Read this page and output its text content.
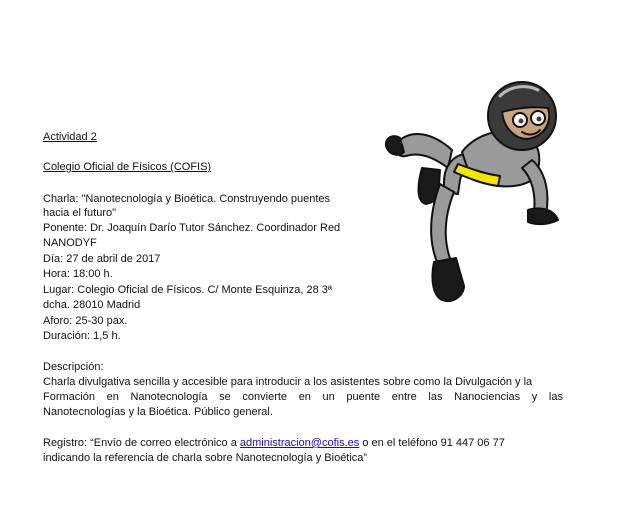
Actividad 2
Colegio Oficial de Físicos (COFIS)
Charla: "Nanotecnología y Bioética. Construyendo puentes
hacia el futuro"
Ponente: Dr. Joaquín Darío Tutor Sánchez. Coordinador Red
NANODYF
Día: 27 de abril de 2017
Hora: 18:00 h.
Lugar: Colegio Oficial de Físicos. C/ Monte Esquinza, 28 3ª
dcha. 28010 Madrid
Aforo: 25-30 pax.
Duración: 1,5 h.
Descripción:
Charla divulgativa sencilla y accesible para introducir a los asistentes sobre como la Divulgación y la
Formación en Nanotecnología se convierte en un puente entre las Nanociencias y las
Nanotecnologías y la Bioética. Público general.
Registro: “Envío de correo electrónico a administracion@cofis.es o en el teléfono 91 447 06 77
indicando la referencia de charla sobre Nanotecnología y Bioética”
